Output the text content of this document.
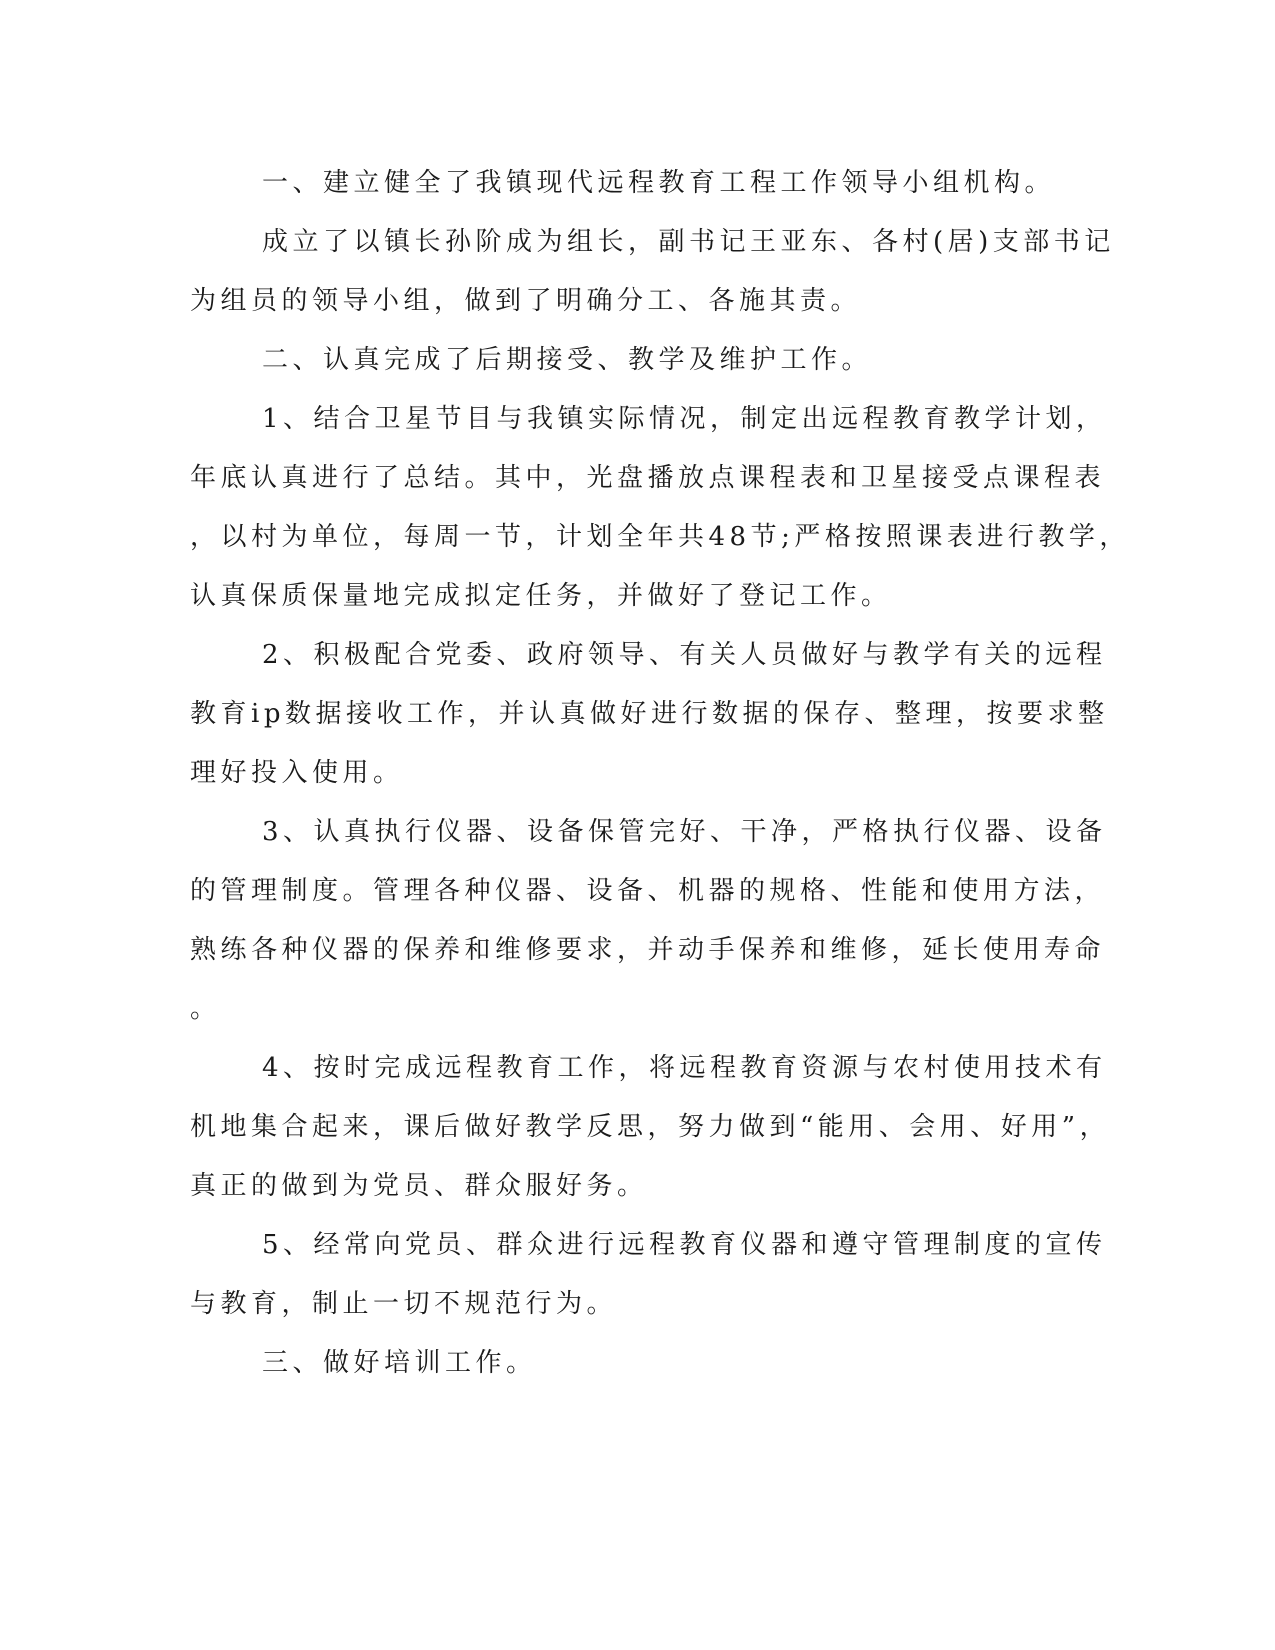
一、建立健全了我镇现代远程教育工程工作领导小组机构。
成立了以镇长孙阶成为组长，副书记王亚东、各村(居)支部书记
为组员的领导小组，做到了明确分工、各施其责。
二、认真完成了后期接受、教学及维护工作。
1、结合卫星节目与我镇实际情况，制定出远程教育教学计划，
年底认真进行了总结。其中，光盘播放点课程表和卫星接受点课程表
，以村为单位，每周一节，计划全年共48节;严格按照课表进行教学，
认真保质保量地完成拟定任务，并做好了登记工作。
2、积极配合党委、政府领导、有关人员做好与教学有关的远程
教育ip数据接收工作，并认真做好进行数据的保存、整理，按要求整
理好投入使用。
3、认真执行仪器、设备保管完好、干净，严格执行仪器、设备
的管理制度。管理各种仪器、设备、机器的规格、性能和使用方法，
熟练各种仪器的保养和维修要求，并动手保养和维修，延长使用寿命
。
4、按时完成远程教育工作，将远程教育资源与农村使用技术有
机地集合起来，课后做好教学反思，努力做到“能用、会用、好用”，
真正的做到为党员、群众服好务。
5、经常向党员、群众进行远程教育仪器和遵守管理制度的宣传
与教育，制止一切不规范行为。
三、做好培训工作。
